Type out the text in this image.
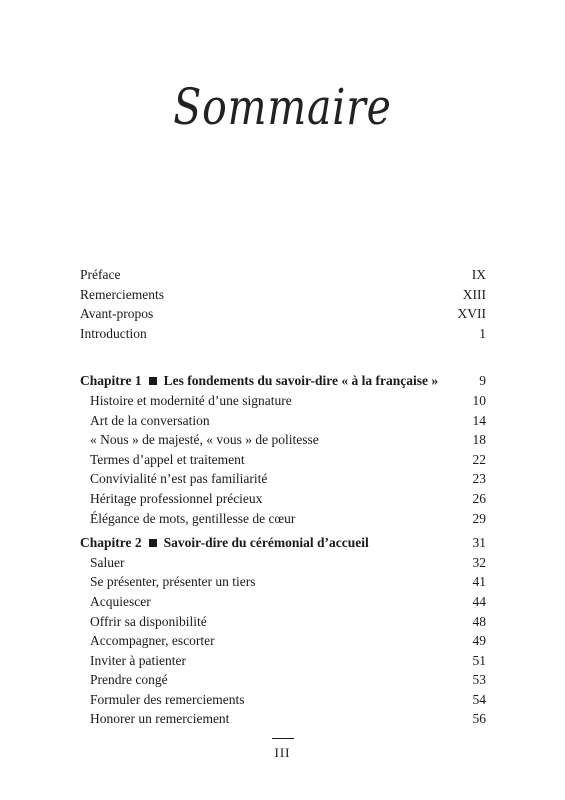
Sommaire
Préface	IX
Remerciements	XIII
Avant-propos	XVII
Introduction	1
Chapitre 1 Les fondements du savoir-dire « à la française »	9
Histoire et modernité d’une signature	10
Art de la conversation	14
« Nous » de majesté, « vous » de politesse	18
Termes d’appel et traitement	22
Convivialité n’est pas familiarité	23
Héritage professionnel précieux	26
Élégance de mots, gentillesse de cœur	29
Chapitre 2 Savoir-dire du cérémonial d’accueil	31
Saluer	32
Se présenter, présenter un tiers	41
Acquiescer	44
Offrir sa disponibilité	48
Accompagner, escorter	49
Inviter à patienter	51
Prendre congé	53
Formuler des remerciements	54
Honorer un remerciement	56
III
